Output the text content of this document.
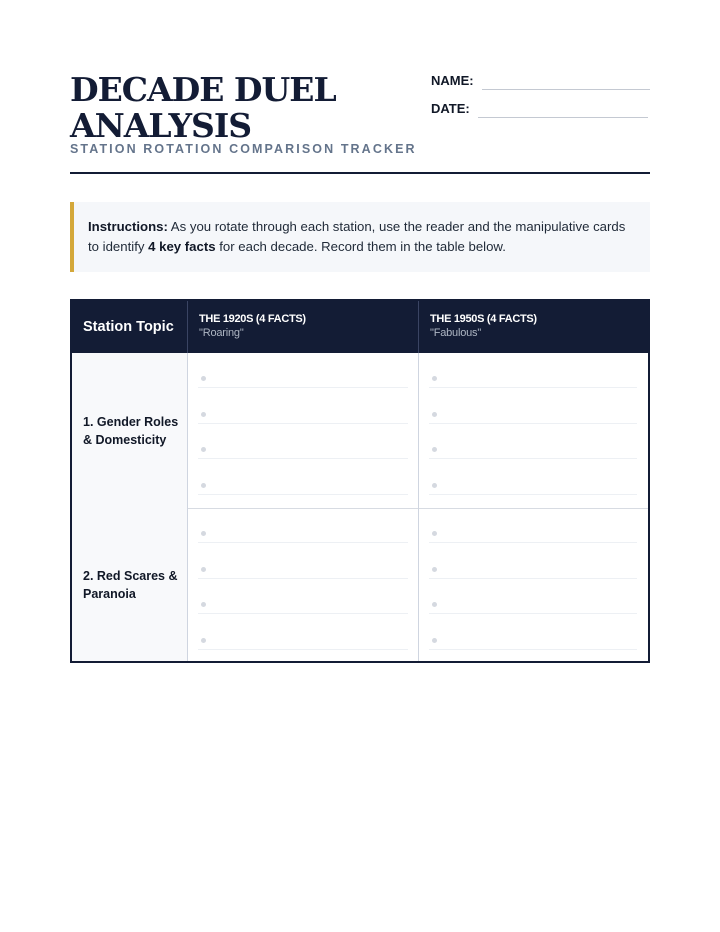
DECADE DUEL ANALYSIS
STATION ROTATION COMPARISON TRACKER
NAME:
DATE:
Instructions: As you rotate through each station, use the reader and the manipulative cards to identify 4 key facts for each decade. Record them in the table below.
Station Topic THE 1920S (4 FACTS)
"Roaring"
THE 1950S (4 FACTS)
"Fabulous"
1. Gender Roles & Domesticity
2. Red Scares & Paranoia
